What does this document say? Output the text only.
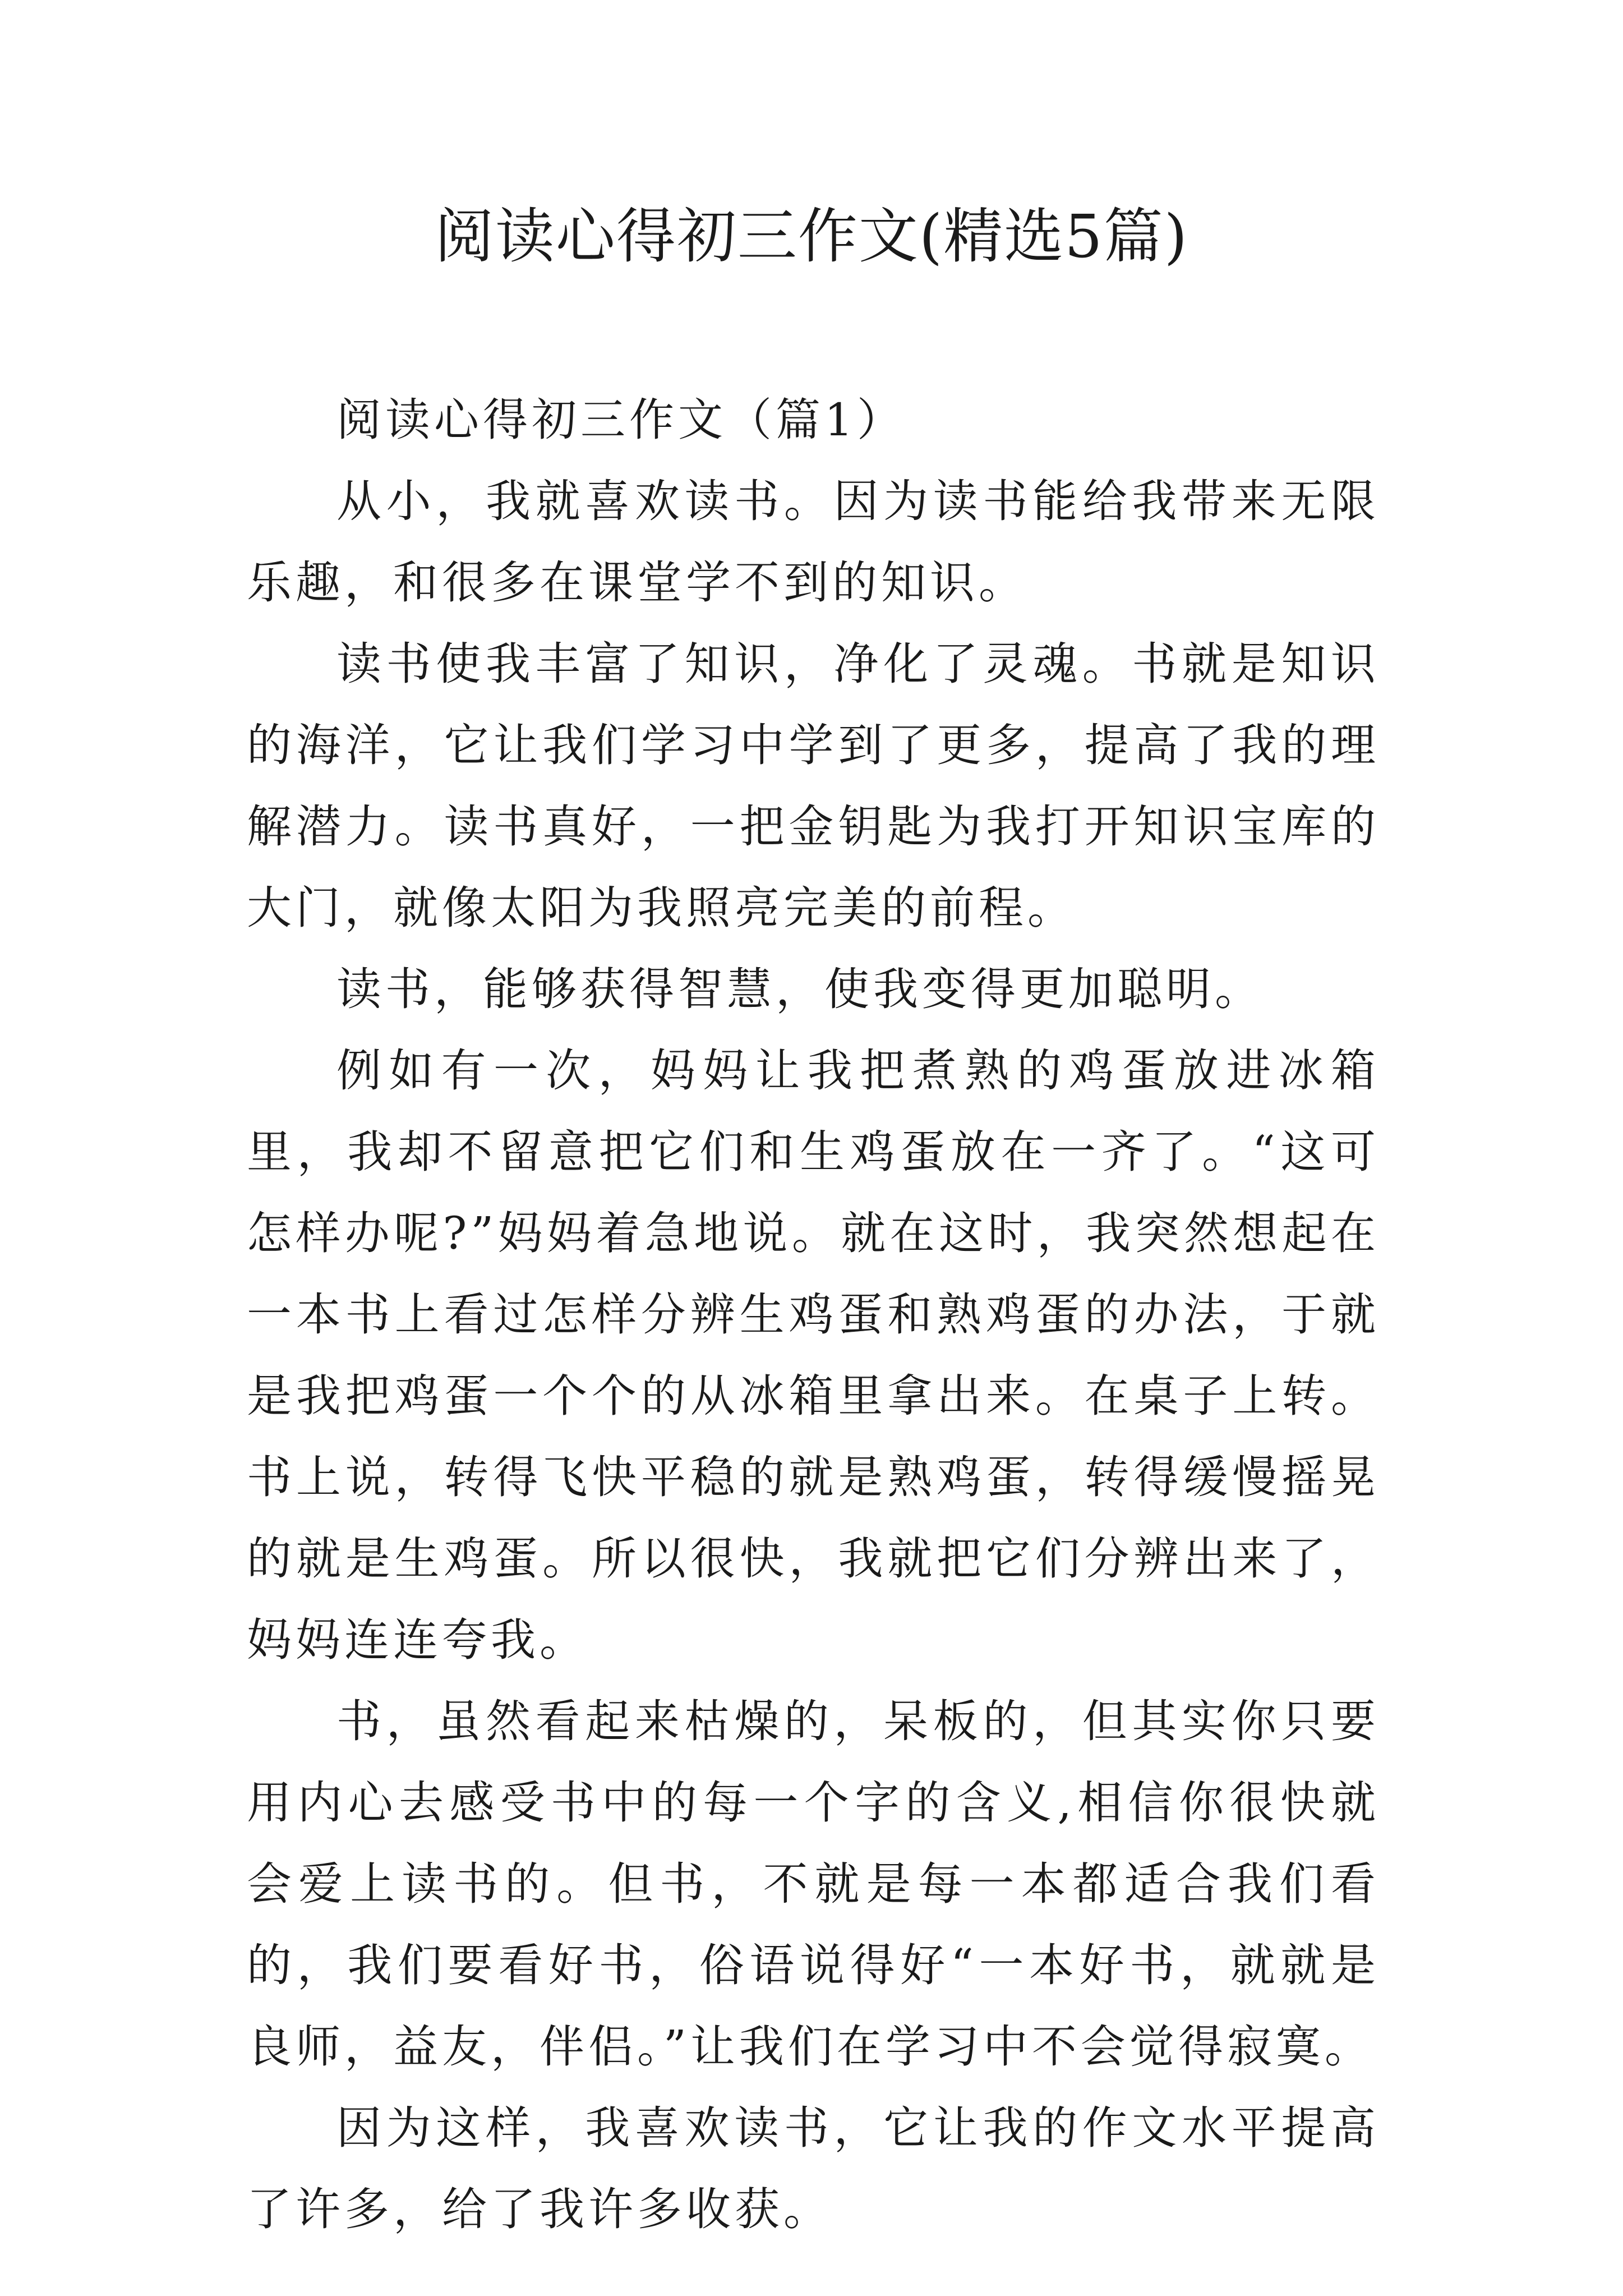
阅读心得初三作文(精选5篇)
阅读心得初三作文（篇1）

从小，我就喜欢读书。因为读书能给我带来无限乐趣，和很多在课堂学不到的知识。

读书使我丰富了知识，净化了灵魂。书就是知识的海洋，它让我们学习中学到了更多，提高了我的理解潜力。读书真好，一把金钥匙为我打开知识宝库的大门，就像太阳为我照亮完美的前程。

读书，能够获得智慧，使我变得更加聪明。

例如有一次，妈妈让我把煮熟的鸡蛋放进冰箱里，我却不留意把它们和生鸡蛋放在一齐了。“这可怎样办呢?”妈妈着急地说。就在这时，我突然想起在一本书上看过怎样分辨生鸡蛋和熟鸡蛋的办法，于就是我把鸡蛋一个个的从冰箱里拿出来。在桌子上转。书上说，转得飞快平稳的就是熟鸡蛋，转得缓慢摇晃的就是生鸡蛋。所以很快，我就把它们分辨出来了，妈妈连连夸我。

书，虽然看起来枯燥的，呆板的，但其实你只要用内心去感受书中的每一个字的含义,相信你很快就会爱上读书的。但书，不就是每一本都适合我们看的，我们要看好书，俗语说得好“一本好书，就就是良师，益友，伴侣。”让我们在学习中不会觉得寂寞。

因为这样，我喜欢读书，它让我的作文水平提高了许多，给了我许多收获。
